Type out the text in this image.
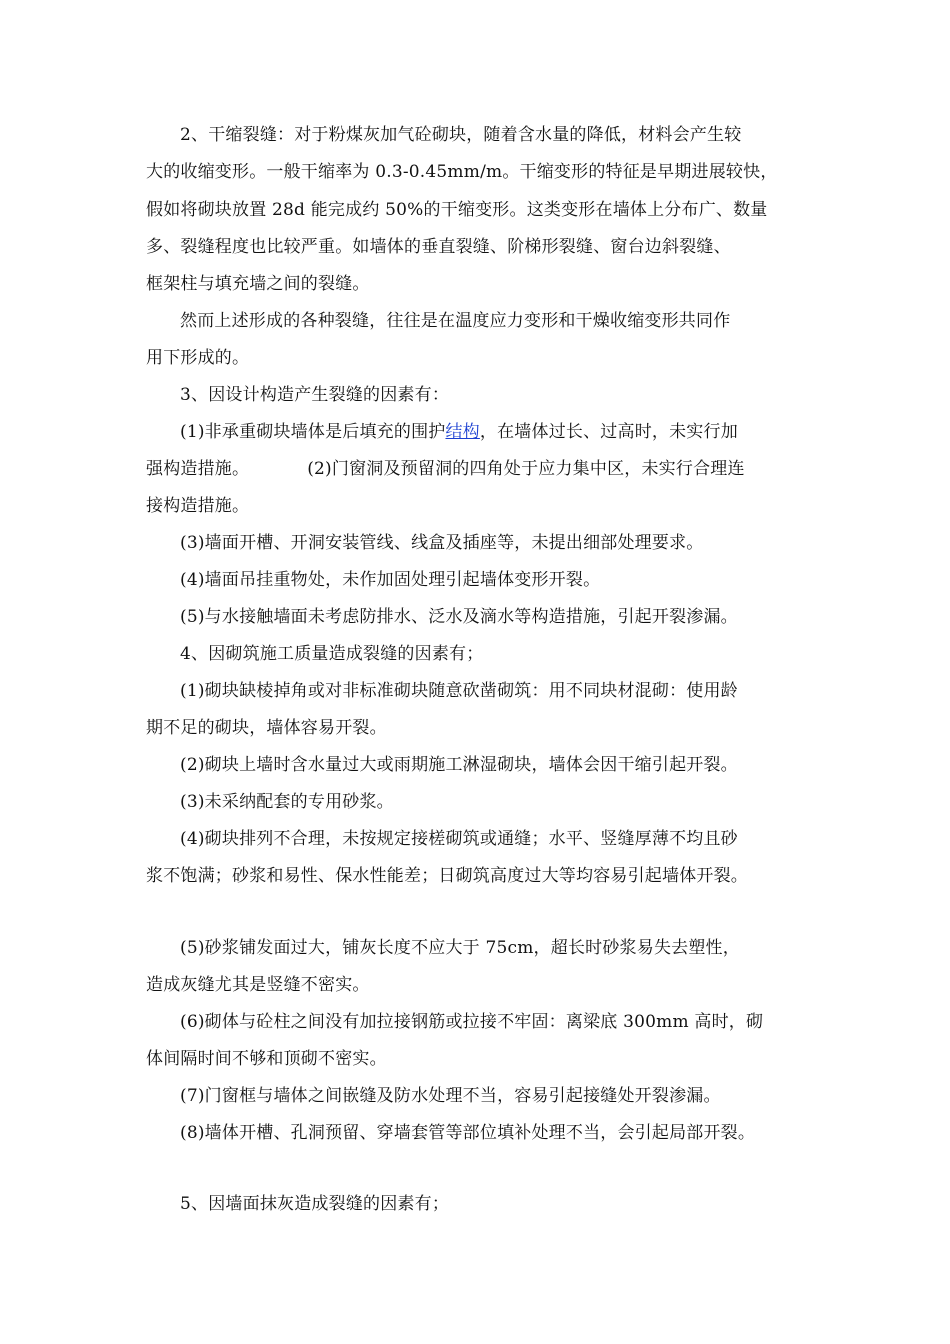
2、干缩裂缝：对于粉煤灰加气砼砌块，随着含水量的降低，材料会产生较
大的收缩变形。一般干缩率为 0.3-0.45mm/m。干缩变形的特征是早期进展较快，
假如将砌块放置 28d 能完成约 50%的干缩变形。这类变形在墙体上分布广、数量
多、裂缝程度也比较严重。如墙体的垂直裂缝、阶梯形裂缝、窗台边斜裂缝、
框架柱与填充墙之间的裂缝。
然而上述形成的各种裂缝，往往是在温度应力变形和干燥收缩变形共同作
用下形成的。
3、因设计构造产生裂缝的因素有：
(1)非承重砌块墙体是后填充的围护结构，在墙体过长、过高时，未实行加
强构造措施。	(2)门窗洞及预留洞的四角处于应力集中区，未实行合理连
接构造措施。
(3)墙面开槽、开洞安装管线、线盒及插座等，未提出细部处理要求。
(4)墙面吊挂重物处，未作加固处理引起墙体变形开裂。
(5)与水接触墙面未考虑防排水、泛水及滴水等构造措施，引起开裂渗漏。
4、因砌筑施工质量造成裂缝的因素有；
(1)砌块缺棱掉角或对非标准砌块随意砍凿砌筑：用不同块材混砌：使用龄
期不足的砌块，墙体容易开裂。
(2)砌块上墙时含水量过大或雨期施工淋湿砌块，墙体会因干缩引起开裂。
(3)未采纳配套的专用砂浆。
(4)砌块排列不合理，未按规定接槎砌筑或通缝；水平、竖缝厚薄不均且砂
浆不饱满；砂浆和易性、保水性能差；日砌筑高度过大等均容易引起墙体开裂。
(5)砂浆铺发面过大，铺灰长度不应大于 75cm，超长时砂浆易失去塑性，
造成灰缝尤其是竖缝不密实。
(6)砌体与砼柱之间没有加拉接钢筋或拉接不牢固：离梁底 300mm 高时，砌
体间隔时间不够和顶砌不密实。
(7)门窗框与墙体之间嵌缝及防水处理不当，容易引起接缝处开裂渗漏。
(8)墙体开槽、孔洞预留、穿墙套管等部位填补处理不当，会引起局部开裂。
5、因墙面抹灰造成裂缝的因素有；
